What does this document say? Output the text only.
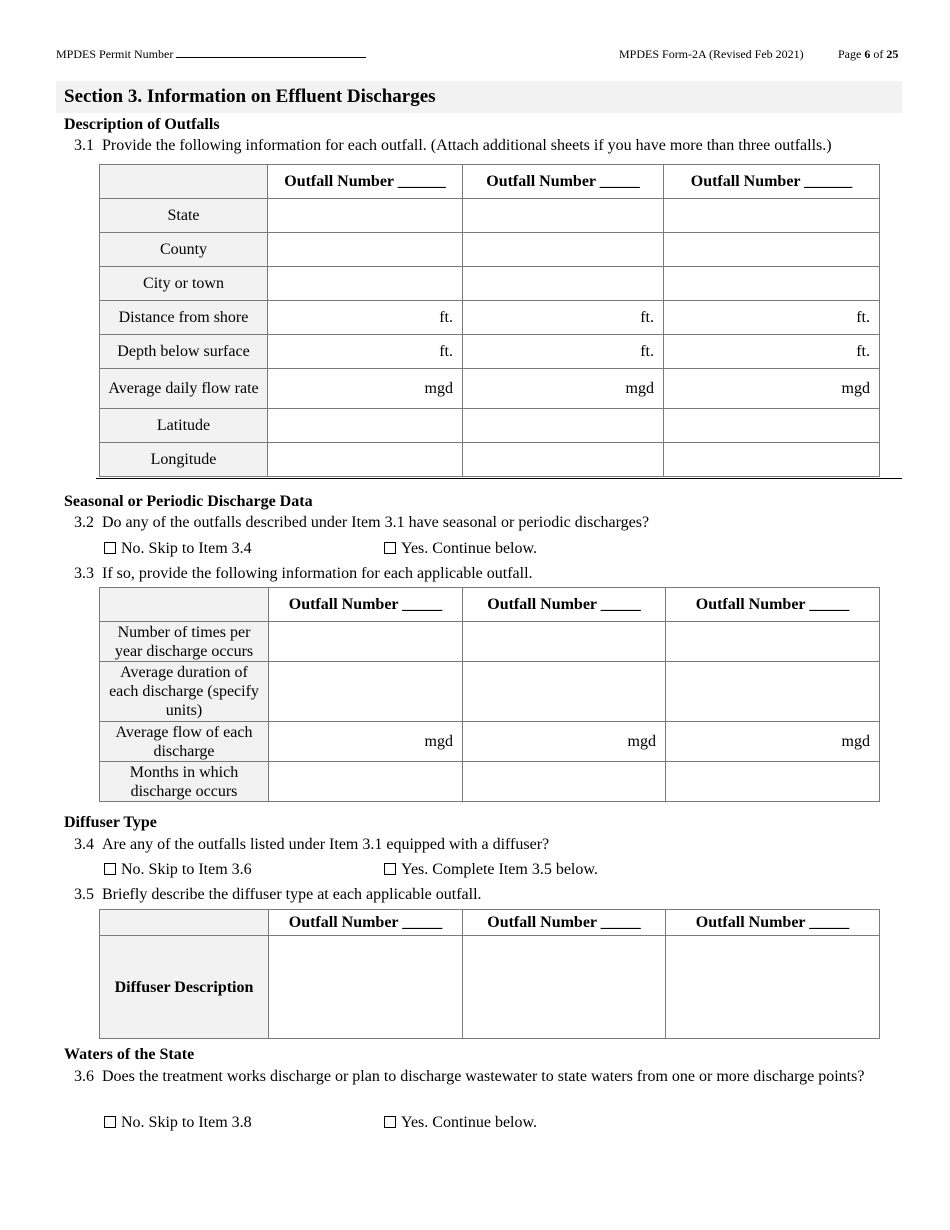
MPDES Permit Number	MPDES Form-2A (Revised Feb 2021)	Page 6 of 25
Section 3. Information on Effluent Discharges
Description of Outfalls
3.1 Provide the following information for each outfall. (Attach additional sheets if you have more than three outfalls.)
	Outfall Number ______	Outfall Number _____	Outfall Number ______
State			
County			
City or town			
Distance from shore	ft.	ft.	ft.
Depth below surface	ft.	ft.	ft.
Average daily flow rate	mgd	mgd	mgd
Latitude			
Longitude			
Seasonal or Periodic Discharge Data
3.2 Do any of the outfalls described under Item 3.1 have seasonal or periodic discharges?
No. Skip to Item 3.4	Yes. Continue below.
3.3 If so, provide the following information for each applicable outfall.
	Outfall Number _____	Outfall Number _____	Outfall Number _____
Number of times per year discharge occurs			
Average duration of each discharge (specify units)			
Average flow of each discharge	mgd	mgd	mgd
Months in which discharge occurs			
Diffuser Type
3.4 Are any of the outfalls listed under Item 3.1 equipped with a diffuser?
No. Skip to Item 3.6	Yes. Complete Item 3.5 below.
3.5 Briefly describe the diffuser type at each applicable outfall.
	Outfall Number _____	Outfall Number _____	Outfall Number _____
Diffuser Description			
Waters of the State
3.6 Does the treatment works discharge or plan to discharge wastewater to state waters from one or more discharge points?
No. Skip to Item 3.8	Yes. Continue below.
